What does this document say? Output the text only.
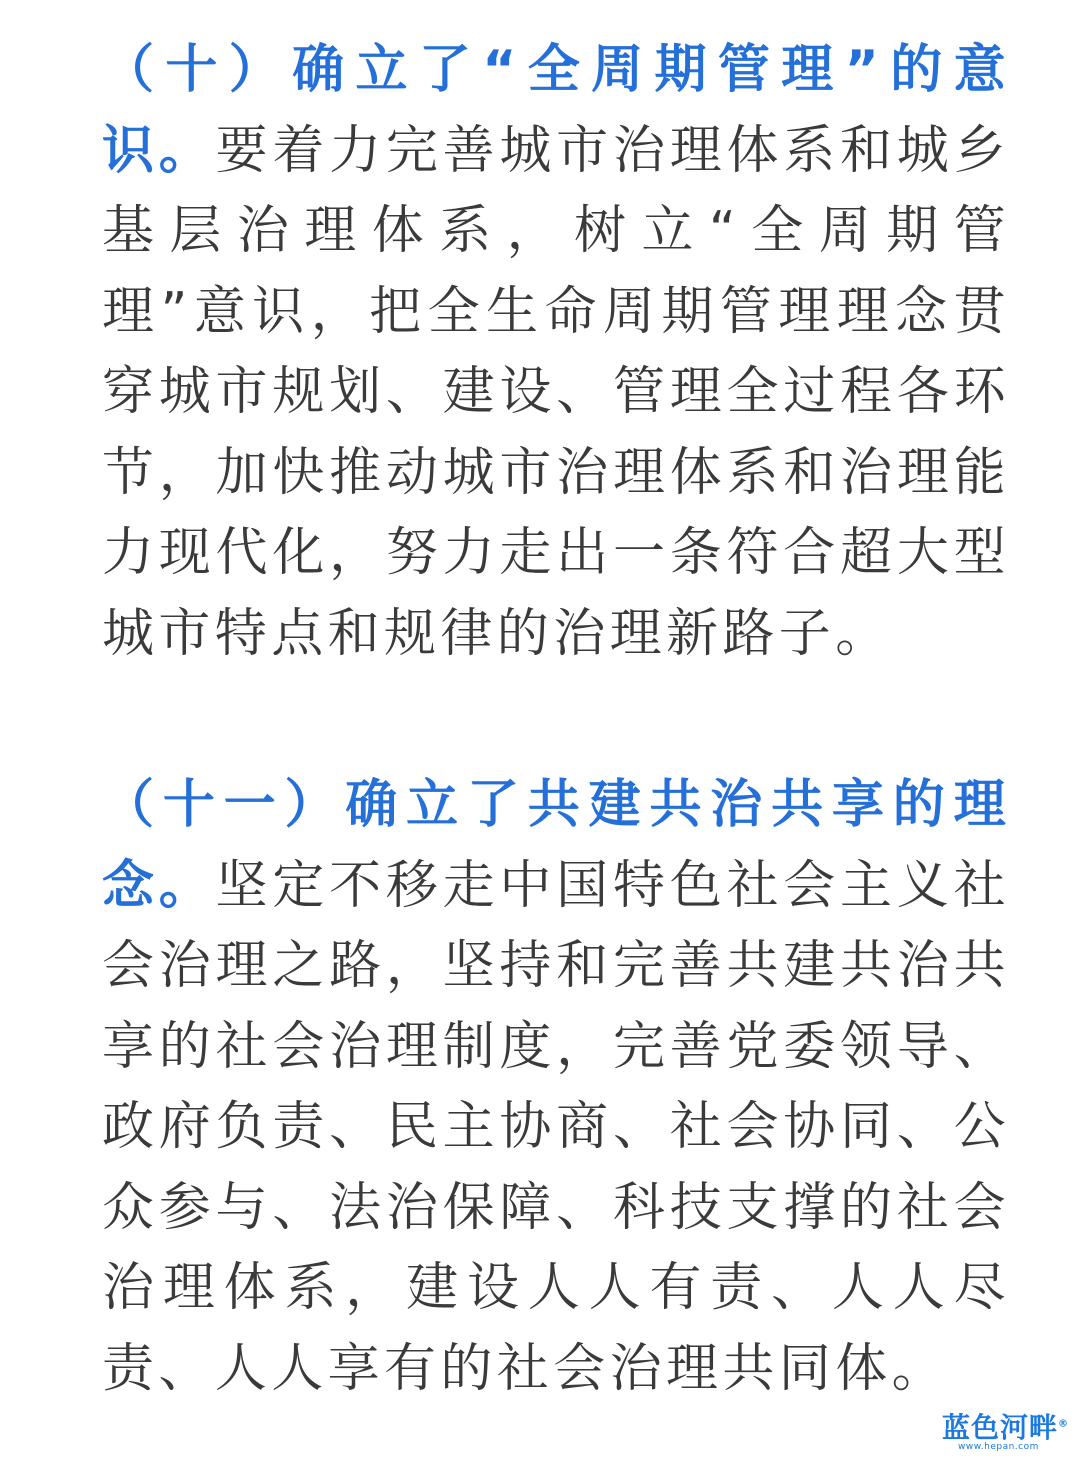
（十）确立了“全周期管理”的意识。要着力完善城市治理体系和城乡基层治理体系，树立“全周期管理”意识，把全生命周期管理理念贯穿城市规划、建设、管理全过程各环节，加快推动城市治理体系和治理能力现代化，努力走出一条符合超大型城市特点和规律的治理新路子。

（十一）确立了共建共治共享的理念。坚定不移走中国特色社会主义社会治理之路，坚持和完善共建共治共享的社会治理制度，完善党委领导、政府负责、民主协商、社会协同、公众参与、法治保障、科技支撑的社会治理体系，建设人人有责、人人尽责、人人享有的社会治理共同体。

蓝色河畔®
www.hepan.com
